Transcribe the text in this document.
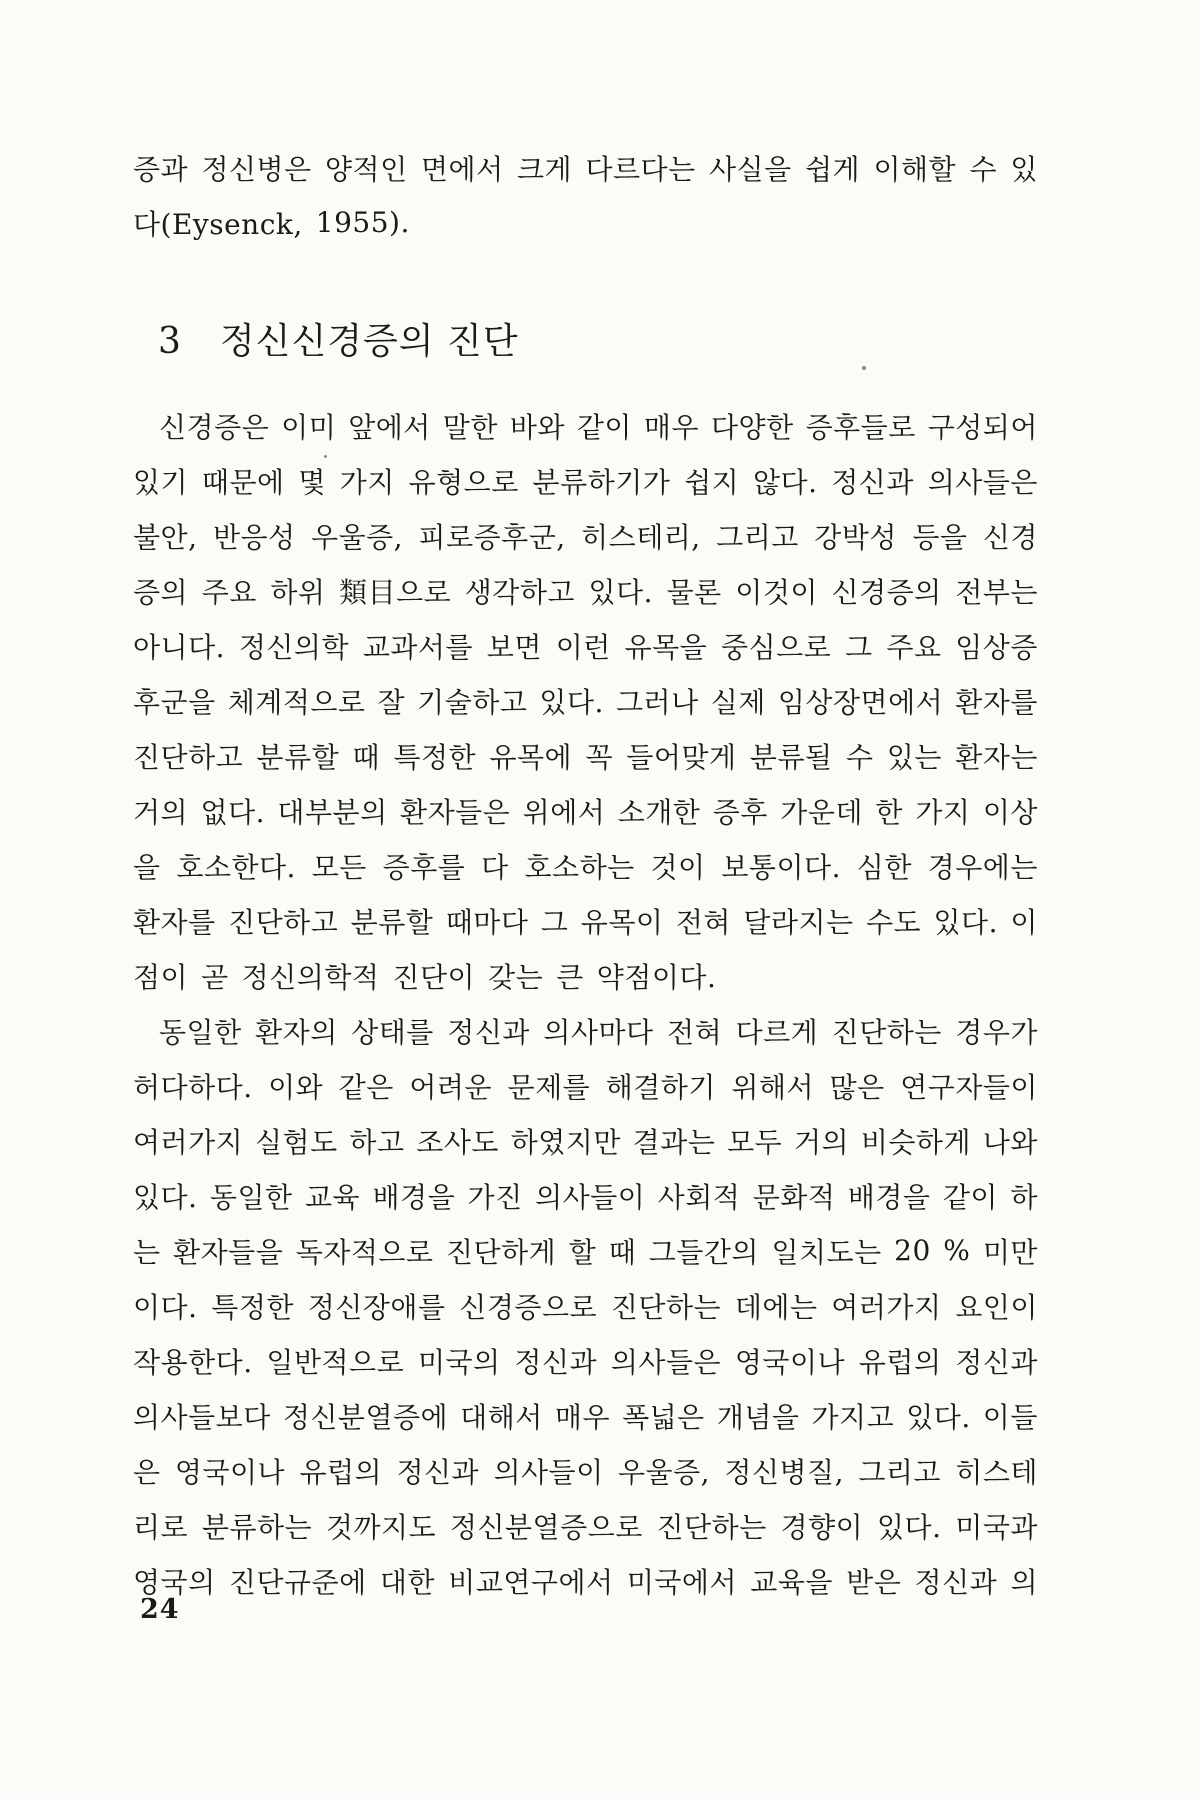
증과 정신병은 양적인 면에서 크게 다르다는 사실을 쉽게 이해할 수 있
다(Eysenck, 1955).
3 정신신경증의 진단
신경증은 이미 앞에서 말한 바와 같이 매우 다양한 증후들로 구성되어
있기 때문에 몇 가지 유형으로 분류하기가 쉽지 않다. 정신과 의사들은
불안, 반응성 우울증, 피로증후군, 히스테리, 그리고 강박성 등을 신경
증의 주요 하위 類目으로 생각하고 있다. 물론 이것이 신경증의 전부는
아니다. 정신의학 교과서를 보면 이런 유목을 중심으로 그 주요 임상증
후군을 체계적으로 잘 기술하고 있다. 그러나 실제 임상장면에서 환자를
진단하고 분류할 때 특정한 유목에 꼭 들어맞게 분류될 수 있는 환자는
거의 없다. 대부분의 환자들은 위에서 소개한 증후 가운데 한 가지 이상
을 호소한다. 모든 증후를 다 호소하는 것이 보통이다. 심한 경우에는
환자를 진단하고 분류할 때마다 그 유목이 전혀 달라지는 수도 있다. 이
점이 곧 정신의학적 진단이 갖는 큰 약점이다.
동일한 환자의 상태를 정신과 의사마다 전혀 다르게 진단하는 경우가
허다하다. 이와 같은 어려운 문제를 해결하기 위해서 많은 연구자들이
여러가지 실험도 하고 조사도 하였지만 결과는 모두 거의 비슷하게 나와
있다. 동일한 교육 배경을 가진 의사들이 사회적 문화적 배경을 같이 하
는 환자들을 독자적으로 진단하게 할 때 그들간의 일치도는 20 % 미만
이다. 특정한 정신장애를 신경증으로 진단하는 데에는 여러가지 요인이
작용한다. 일반적으로 미국의 정신과 의사들은 영국이나 유럽의 정신과
의사들보다 정신분열증에 대해서 매우 폭넓은 개념을 가지고 있다. 이들
은 영국이나 유럽의 정신과 의사들이 우울증, 정신병질, 그리고 히스테
리로 분류하는 것까지도 정신분열증으로 진단하는 경향이 있다. 미국과
영국의 진단규준에 대한 비교연구에서 미국에서 교육을 받은 정신과 의
24
